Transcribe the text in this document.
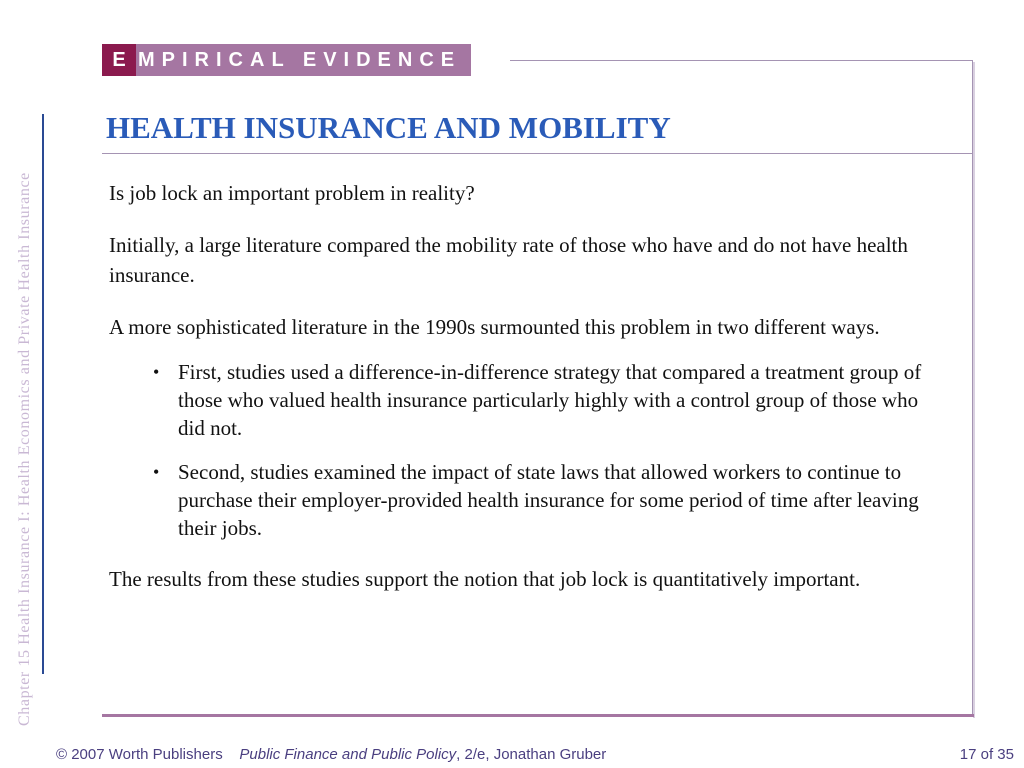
Chapter 15 Health Insurance I: Health Economics and Private Health Insurance
E MPIRICAL EVIDENCE
HEALTH INSURANCE AND MOBILITY

Is job lock an important problem in reality?

Initially, a large literature compared the mobility rate of those who have and do not have health insurance.

A more sophisticated literature in the 1990s surmounted this problem in two different ways.

• First, studies used a difference-in-difference strategy that compared a treatment group of those who valued health insurance particularly highly with a control group of those who did not.
• Second, studies examined the impact of state laws that allowed workers to continue to purchase their employer-provided health insurance for some period of time after leaving their jobs.

The results from these studies support the notion that job lock is quantitatively important.

© 2007 Worth Publishers Public Finance and Public Policy, 2/e, Jonathan Gruber	17 of 35
